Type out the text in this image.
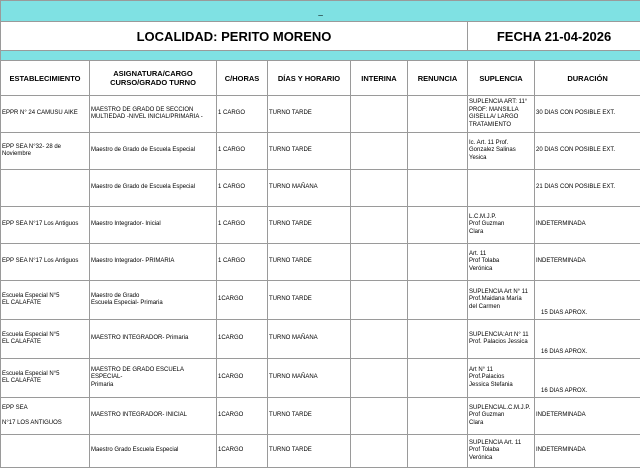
_							
LOCALIDAD: PERITO MORENO						FECHA 21-04-2026	

ESTABLECIMIENTO	ASIGNATURA/CARGO
CURSO/GRADO TURNO	C/HORAS	DÍAS Y HORARIO	INTERINA	RENUNCIA	SUPLENCIA	DURACIÓN

EPPR N° 24 CAMUSU AIKE	MAESTRO DE GRADO DE SECCION
MULTIEDAD -NIVEL INICIAL/PRIMARIA -	1 CARGO	TURNO TARDE			SUPLENCIA ART: 11°
PROF: MANSILLA
GISELLA/ LARGO
TRATAMIENTO	30 DIAS CON POSIBLE EXT.

EPP SEA N°32- 28 de
Noviembre	Maestro de Grado de Escuela Especial	1 CARGO	TURNO TARDE			Ic. Art. 11 Prof.
Gonzalez Salinas
Yesica	20 DIAS CON POSIBLE EXT.

	Maestro de Grado de Escuela Especial	1 CARGO	TURNO MAÑANA				21 DIAS CON POSIBLE EXT.

EPP SEA N°17 Los Antiguos	Maestro Integrador- Inicial	1 CARGO	TURNO TARDE			L.C.M.J.P.
Prof Guzman
Clara	INDETERMINADA

EPP SEA N°17 Los Antiguos	Maestro Integrador- PRIMARIA	1 CARGO	TURNO TARDE			Art. 11
Prof Tolaba
Verónica	INDETERMINADA

Escuela Especial N°5
EL CALAFATE	Maestro de Grado
Escuela Especial- Primaria	1CARGO	TURNO TARDE			SUPLENCIA Art N° 11
Prof.Maidana María
del Carmen	15 DIAS APROX.

Escuela Especial N°5
EL CALAFATE	MAESTRO INTEGRADOR- Primaria	1CARGO	TURNO MAÑANA			SUPLENCIA:Art N° 11
Prof. Palacios Jessica	16 DIAS APROX.

Escuela Especial N°5
EL CALAFATE	MAESTRO DE GRADO ESCUELA ESPECIAL-
Primaria	1CARGO	TURNO MAÑANA			Art N° 11
Prof.Palacios
Jessica Stefania	16 DIAS APROX.

EPP SEA

N°17 LOS ANTIGUOS	MAESTRO INTEGRADOR- INICIAL	1CARGO	TURNO TARDE			SUPLENCIAL.C.M.J.P.
Prof Guzman
Clara	INDETERMINADA

	Maestro Grado Escuela Especial	1CARGO	TURNO TARDE			SUPLENCIA Art. 11
Prof Tolaba
Verónica	INDETERMINADA
